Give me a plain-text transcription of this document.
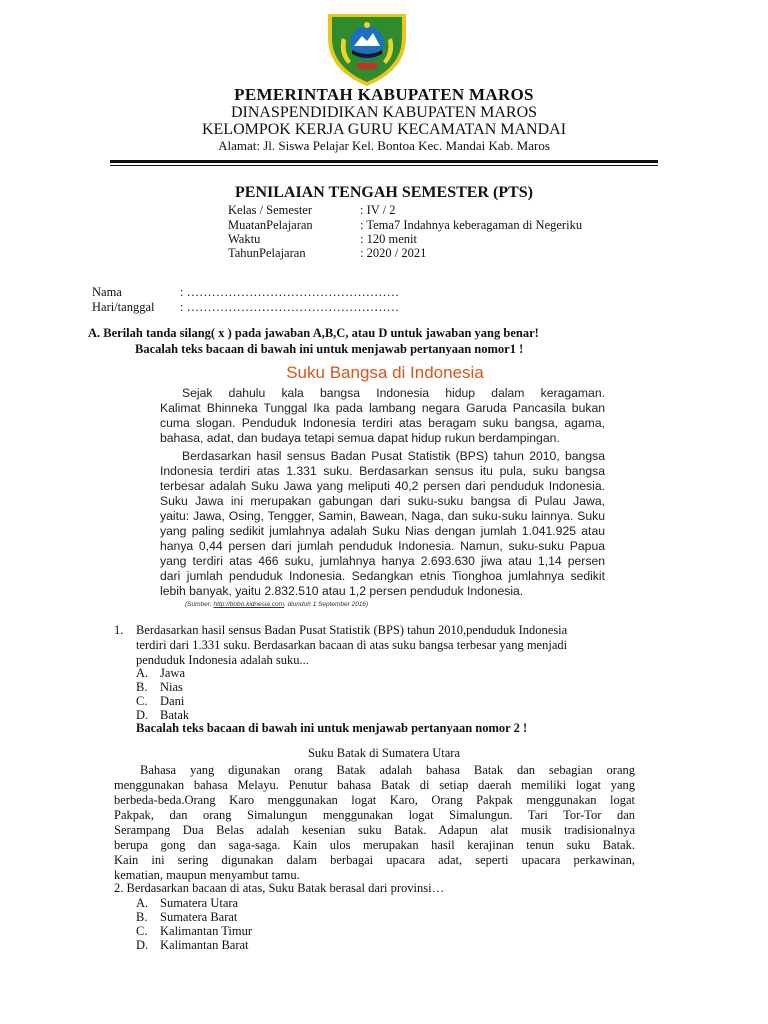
PEMERINTAH KABUPATEN MAROS
DINASPENDIDIKAN KABUPATEN MAROS
KELOMPOK KERJA GURU KECAMATAN MANDAI
Alamat: Jl. Siswa Pelajar Kel. Bontoa Kec. Mandai Kab. Maros
PENILAIAN TENGAH SEMESTER (PTS)
Kelas / Semester	: IV / 2
MuatanPelajaran	: Tema7 Indahnya keberagaman di Negeriku
Waktu	: 120 menit
TahunPelajaran	: 2020 / 2021
Nama	: ……………………………………………
Hari/tanggal : ……………………………………………
A. Berilah tanda silang( x ) pada jawaban A,B,C, atau D untuk jawaban yang benar!
Bacalah teks bacaan di bawah ini untuk menjawab pertanyaan nomor1 !
Suku Bangsa di Indonesia
Sejak dahulu kala bangsa Indonesia hidup dalam keragaman.
Kalimat Bhinneka Tunggal Ika pada lambang negara Garuda Pancasila bukan
cuma slogan. Penduduk Indonesia terdiri atas beragam suku bangsa, agama,
bahasa, adat, dan budaya tetapi semua dapat hidup rukun berdampingan.
Berdasarkan hasil sensus Badan Pusat Statistik (BPS) tahun 2010, bangsa
Indonesia terdiri atas 1.331 suku. Berdasarkan sensus itu pula, suku bangsa
terbesar adalah Suku Jawa yang meliputi 40,2 persen dari penduduk Indonesia.
Suku Jawa ini merupakan gabungan dari suku-suku bangsa di Pulau Jawa,
yaitu: Jawa, Osing, Tengger, Samin, Bawean, Naga, dan suku-suku lainnya. Suku
yang paling sedikit jumlahnya adalah Suku Nias dengan jumlah 1.041.925 atau
hanya 0,44 persen dari jumlah penduduk Indonesia. Namun, suku-suku Papua
yang terdiri atas 466 suku, jumlahnya hanya 2.693.630 jiwa atau 1,14 persen
dari jumlah penduduk Indonesia. Sedangkan etnis Tionghoa jumlahnya sedikit
lebih banyak, yaitu 2.832.510 atau 1,2 persen penduduk Indonesia.
(Sumber: http://bobo.kidnesia.com, diunduh 1 September 2016)
1. Berdasarkan hasil sensus Badan Pusat Statistik (BPS) tahun 2010,penduduk Indonesia
terdiri dari 1.331 suku. Berdasarkan bacaan di atas suku bangsa terbesar yang menjadi
penduduk Indonesia adalah suku...
A. Jawa
B. Nias
C. Dani
D. Batak
Bacalah teks bacaan di bawah ini untuk menjawab pertanyaan nomor 2 !
Suku Batak di Sumatera Utara
Bahasa yang digunakan orang Batak adalah bahasa Batak dan sebagian orang
menggunakan bahasa Melayu. Penutur bahasa Batak di setiap daerah memiliki logat yang
berbeda-beda.Orang Karo menggunakan logat Karo, Orang Pakpak menggunakan logat
Pakpak, dan orang Simalungun menggunakan logat Simalungun. Tari Tor-Tor dan
Serampang Dua Belas adalah kesenian suku Batak. Adapun alat musik tradisionalnya
berupa gong dan saga-saga. Kain ulos merupakan hasil kerajinan tenun suku Batak.
Kain ini sering digunakan dalam berbagai upacara adat, seperti upacara perkawinan,
kematian, maupun menyambut tamu.
2. Berdasarkan bacaan di atas, Suku Batak berasal dari provinsi…
A. Sumatera Utara
B. Sumatera Barat
C. Kalimantan Timur
D. Kalimantan Barat
